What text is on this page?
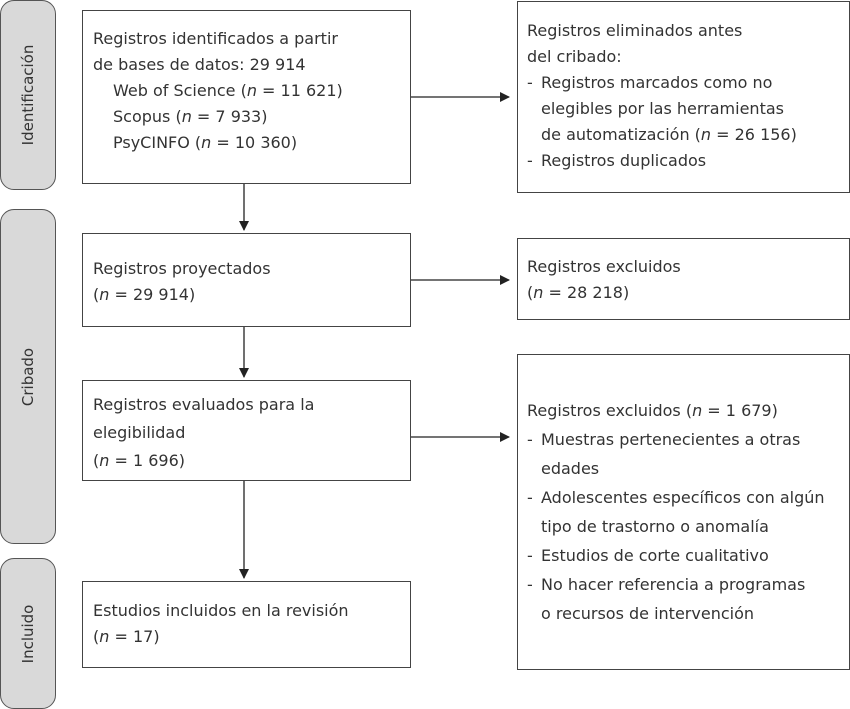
Identificación
Cribado
Incluido
Registros identificados a partir
de bases de datos: 29 914
Web of Science (n = 11 621)
Scopus (n = 7 933)
PsyCINFO (n = 10 360)
Registros eliminados antes
del cribado:
- Registros marcados como no
elegibles por las herramientas
de automatización (n = 26 156)
- Registros duplicados
Registros proyectados
(n = 29 914)
Registros excluidos
(n = 28 218)
Registros evaluados para la
elegibilidad
(n = 1 696)
Registros excluidos (n = 1 679)
- Muestras pertenecientes a otras
edades
- Adolescentes específicos con algún
tipo de trastorno o anomalía
- Estudios de corte cualitativo
- No hacer referencia a programas
o recursos de intervención
Estudios incluidos en la revisión
(n = 17)
